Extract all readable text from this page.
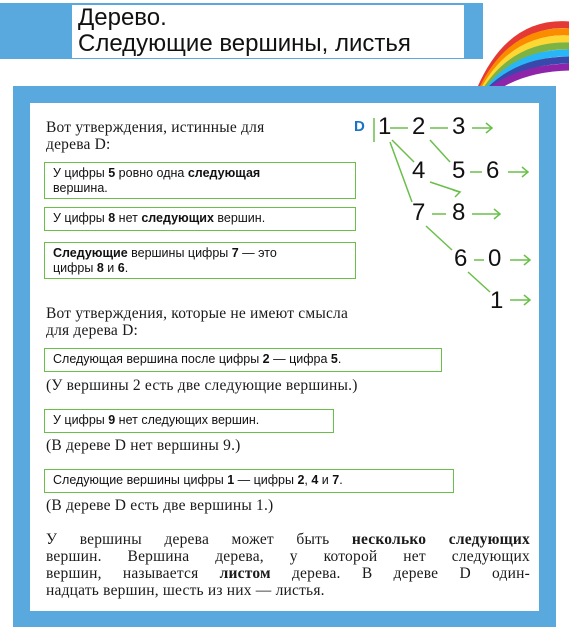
Дерево.
Следующие вершины, листья
Вот утверждения, истинные для
дерева D:
У цифры 5 ровно одна следующая
вершина.
У цифры 8 нет следующих вершин.
Следующие вершины цифры 7 — это
цифры 8 и 6.
Вот утверждения, которые не имеют смысла
для дерева D:
Следующая вершина после цифры 2 — цифра 5.
(У вершины 2 есть две следующие вершины.)
У цифры 9 нет следующих вершин.
(В дереве D нет вершины 9.)
Следующие вершины цифры 1 — цифры 2, 4 и 7.
(В дереве D есть две вершины 1.)
У вершины дерева может быть несколько следующих
вершин. Вершина дерева, у которой нет следующих
вершин, называется листом дерева. В дереве D один-
надцать вершин, шесть из них — листья.
D 1 2 3
4 5 6
7 8
6 0
1
